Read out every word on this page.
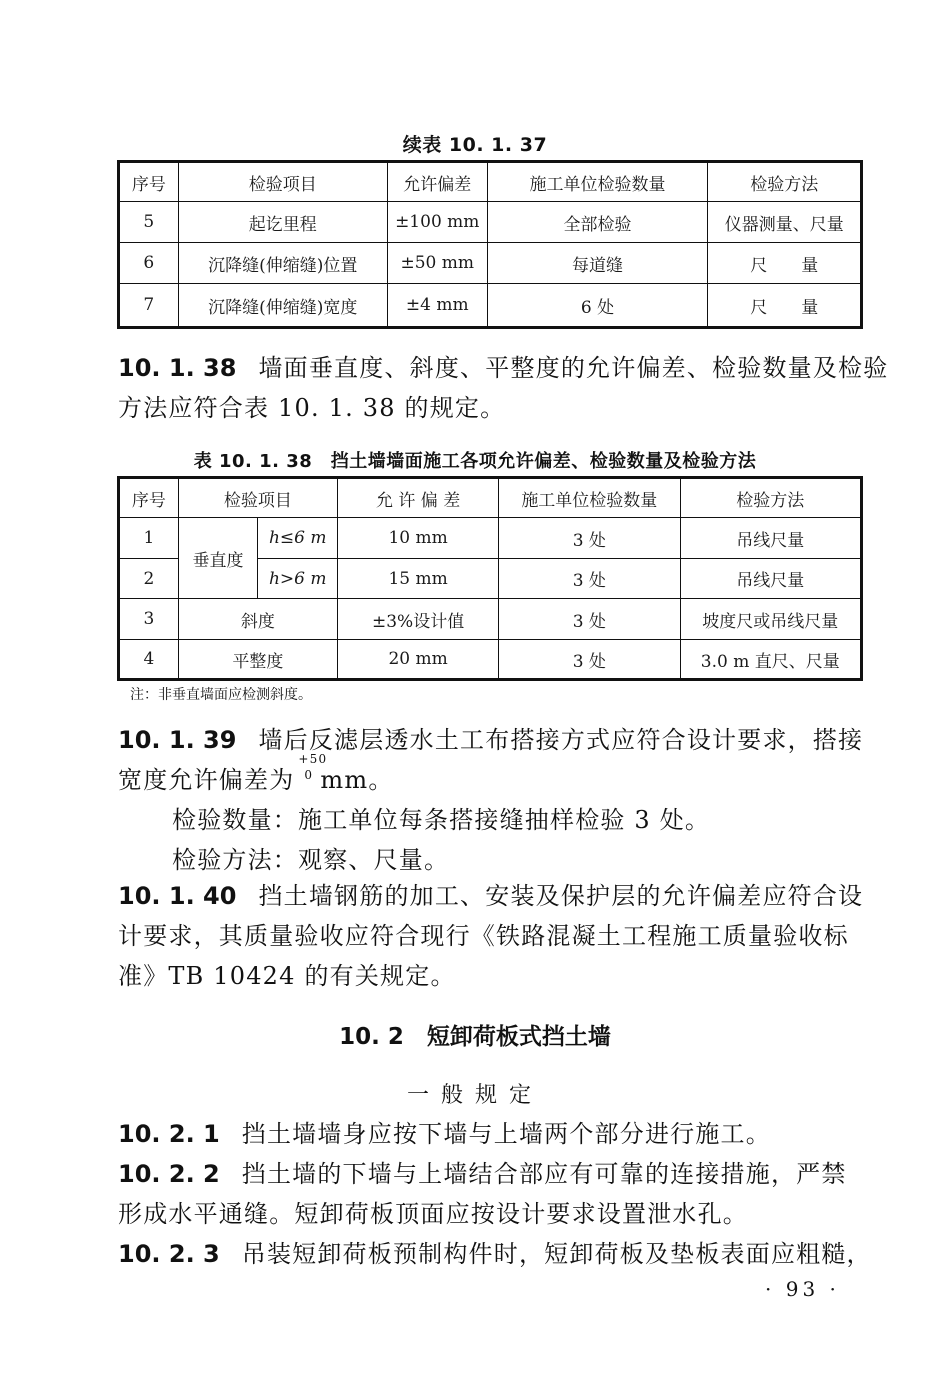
续表 10. 1. 37
序号	检验项目	允许偏差	施工单位检验数量	检验方法
5	起讫里程	±100 mm	全部检验	仪器测量、尺量
6	沉降缝(伸缩缝)位置	±50 mm	每道缝	尺　　量
7	沉降缝(伸缩缝)宽度	±4 mm	6 处	尺　　量
10. 1. 38 墙面垂直度、斜度、平整度的允许偏差、检验数量及检验
方法应符合表 10. 1. 38 的规定。
表 10. 1. 38　挡土墙墙面施工各项允许偏差、检验数量及检验方法
序号	检验项目		允 许 偏 差	施工单位检验数量	检验方法
1	垂直度	h≤6 m	10 mm	3 处	吊线尺量
2		h>6 m	15 mm	3 处	吊线尺量
3	斜度		±3%设计值	3 处	坡度尺或吊线尺量
4	平整度		20 mm	3 处	3.0 m 直尺、尺量
注：非垂直墙面应检测斜度。
10. 1. 39 墙后反滤层透水土工布搭接方式应符合设计要求，搭接
宽度允许偏差为
+50
0 mm。
检验数量：施工单位每条搭接缝抽样检验 3 处。
检验方法：观察、尺量。
10. 1. 40 挡土墙钢筋的加工、安装及保护层的允许偏差应符合设
计要求，其质量验收应符合现行《铁路混凝土工程施工质量验收标
准》TB 10424 的有关规定。
10. 2　短卸荷板式挡土墙
一般规定
10. 2. 1 挡土墙墙身应按下墙与上墙两个部分进行施工。
10. 2. 2 挡土墙的下墙与上墙结合部应有可靠的连接措施，严禁
形成水平通缝。短卸荷板顶面应按设计要求设置泄水孔。
10. 2. 3 吊装短卸荷板预制构件时，短卸荷板及垫板表面应粗糙，
· 93 ·
